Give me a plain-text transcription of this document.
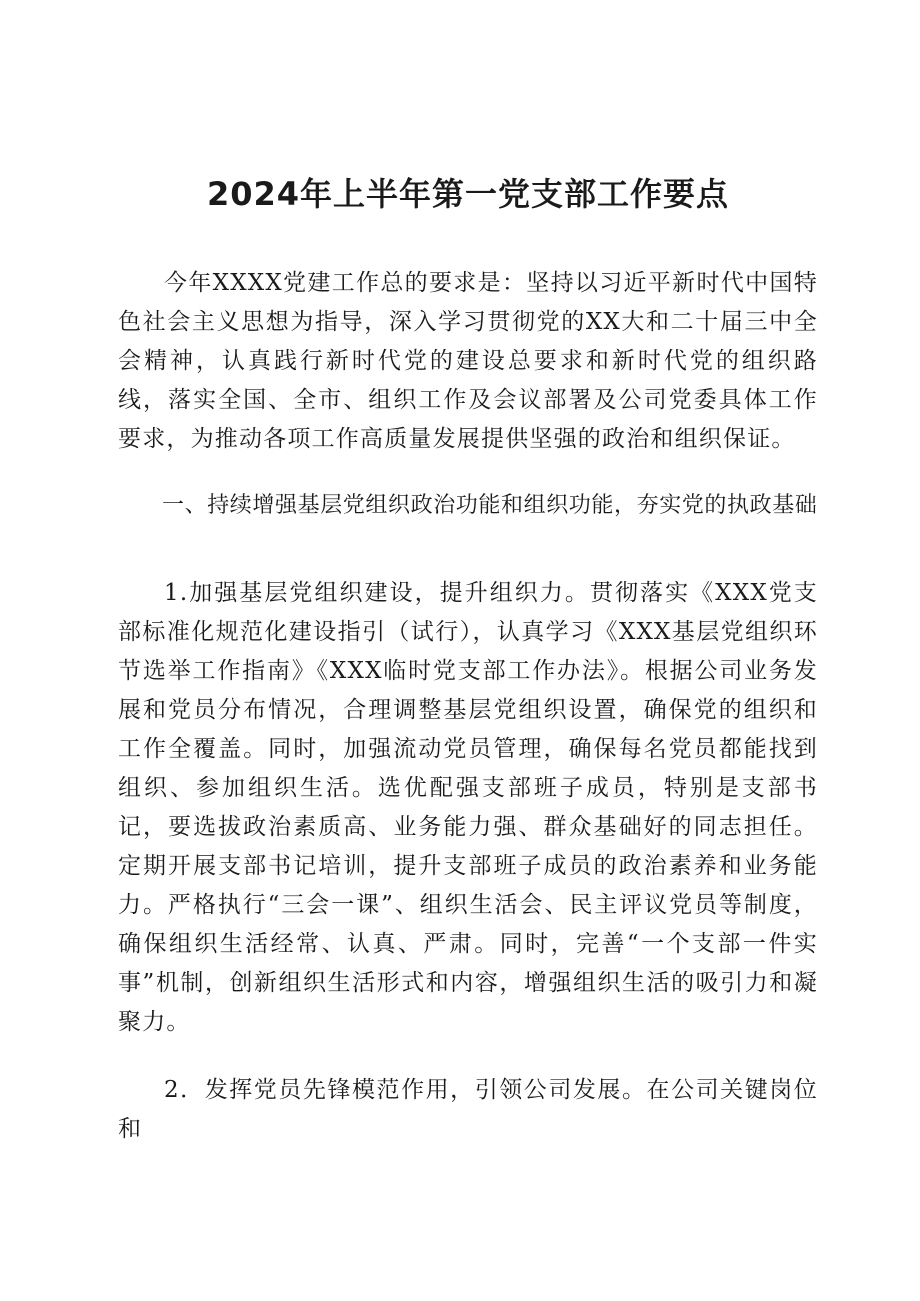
2024年上半年第一党支部工作要点

今年XXXX党建工作总的要求是：坚持以习近平新时代中国特色社会主义思想为指导，深入学习贯彻党的XX大和二十届三中全会精神，认真践行新时代党的建设总要求和新时代党的组织路线，落实全国、全市、组织工作及会议部署及公司党委具体工作要求，为推动各项工作高质量发展提供坚强的政治和组织保证。

一、持续增强基层党组织政治功能和组织功能，夯实党的执政基础

1.加强基层党组织建设，提升组织力。贯彻落实《XXX党支部标准化规范化建设指引（试行），认真学习《XXX基层党组织环节选举工作指南》《XXX临时党支部工作办法》。根据公司业务发展和党员分布情况，合理调整基层党组织设置，确保党的组织和工作全覆盖。同时，加强流动党员管理，确保每名党员都能找到组织、参加组织生活。选优配强支部班子成员，特别是支部书记，要选拔政治素质高、业务能力强、群众基础好的同志担任。定期开展支部书记培训，提升支部班子成员的政治素养和业务能力。严格执行“三会一课”、组织生活会、民主评议党员等制度，确保组织生活经常、认真、严肃。同时，完善“一个支部一件实事”机制，创新组织生活形式和内容，增强组织生活的吸引力和凝聚力。

2．发挥党员先锋模范作用，引领公司发展。在公司关键岗位和
